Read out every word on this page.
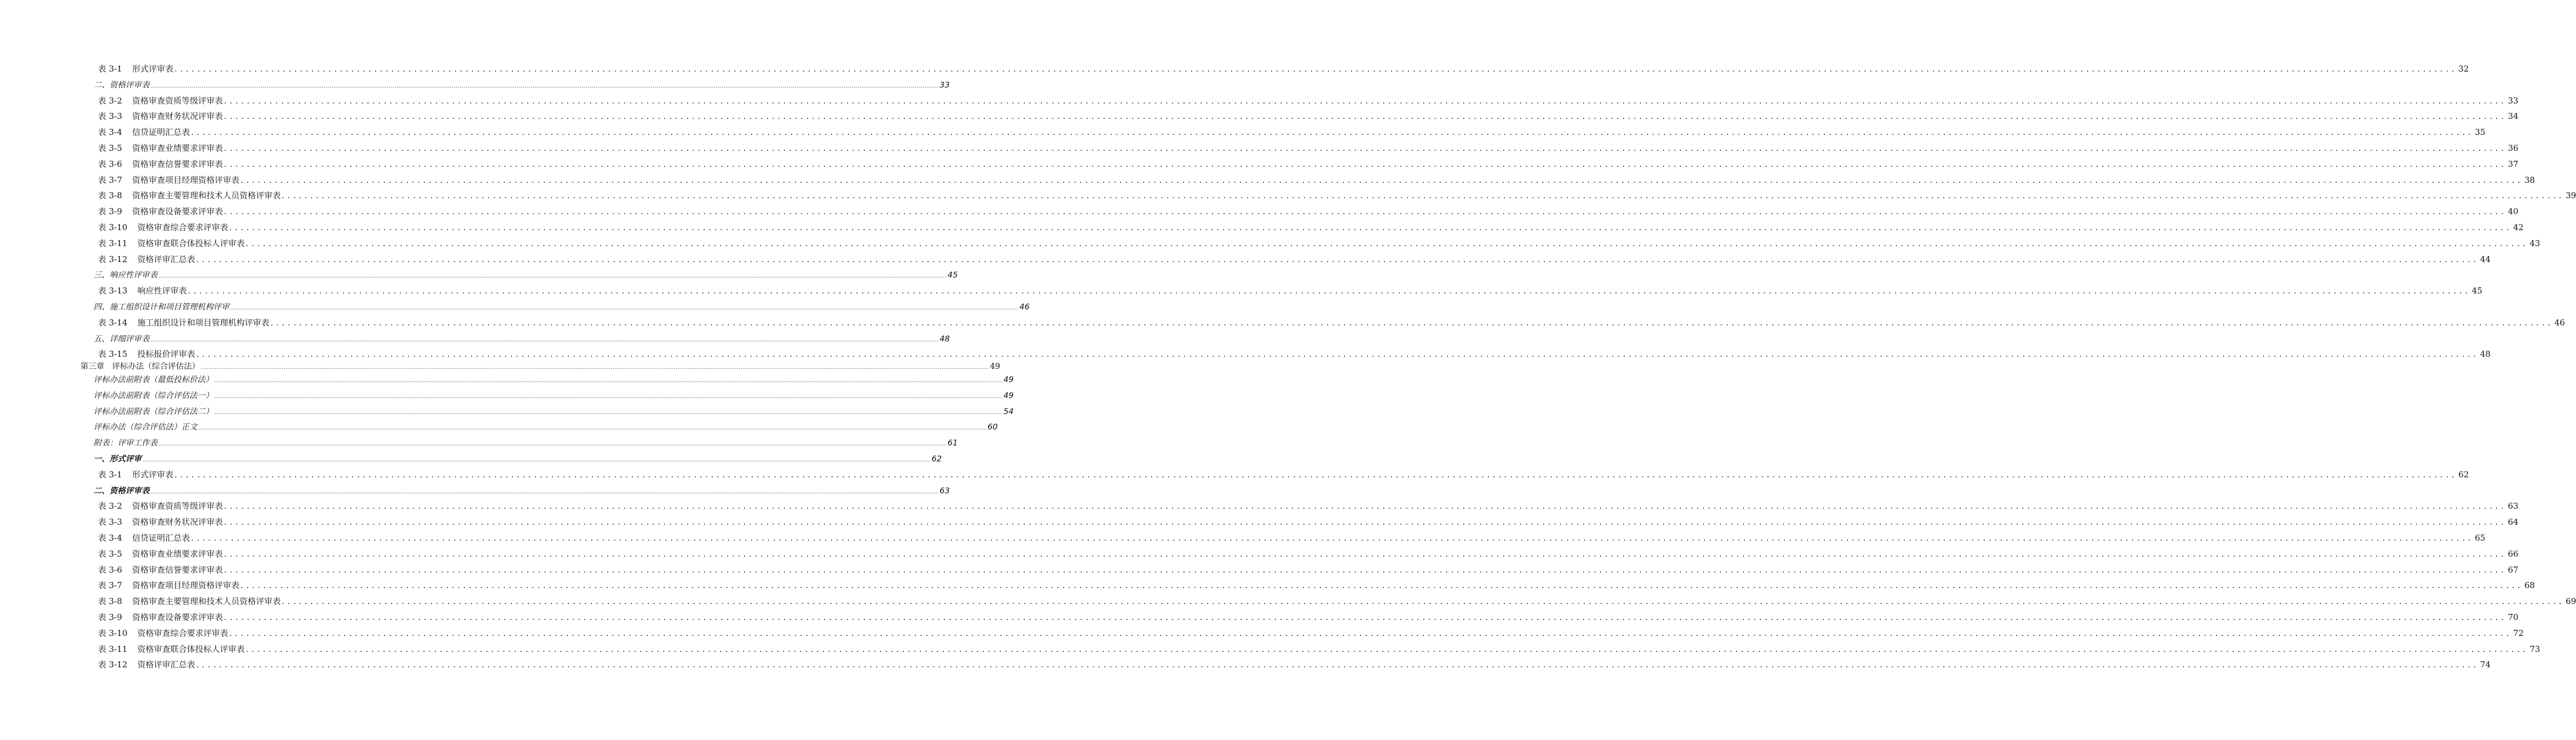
表 3-1 形式评审表 ................................................................................................................................................................................................................................................................................................................................................................................................................ 32
二、资格评审表 ................................................................................................................................................................................................................................................................................................................................................................................................................ 33
表 3-2 资格审查资质等级评审表 ................................................................................................................................................................................................................................................................................................................................................................................................................ 33
表 3-3 资格审查财务状况评审表 ................................................................................................................................................................................................................................................................................................................................................................................................................ 34
表 3-4 信贷证明汇总表 ................................................................................................................................................................................................................................................................................................................................................................................................................ 35
表 3-5 资格审查业绩要求评审表 ................................................................................................................................................................................................................................................................................................................................................................................................................ 36
表 3-6 资格审查信誉要求评审表 ................................................................................................................................................................................................................................................................................................................................................................................................................ 37
表 3-7 资格审查项目经理资格评审表 ................................................................................................................................................................................................................................................................................................................................................................................................................ 38
表 3-8 资格审查主要管理和技术人员资格评审表 ................................................................................................................................................................................................................................................................................................................................................................................................................ 39
表 3-9 资格审查设备要求评审表 ................................................................................................................................................................................................................................................................................................................................................................................................................ 40
表 3-10 资格审查综合要求评审表 ................................................................................................................................................................................................................................................................................................................................................................................................................ 42
表 3-11 资格审查联合体投标人评审表 ................................................................................................................................................................................................................................................................................................................................................................................................................ 43
表 3-12 资格评审汇总表 ................................................................................................................................................................................................................................................................................................................................................................................................................ 44
三、响应性评审表 ................................................................................................................................................................................................................................................................................................................................................................................................................ 45
表 3-13 响应性评审表 ................................................................................................................................................................................................................................................................................................................................................................................................................ 45
四、施工组织设计和项目管理机构评审 ................................................................................................................................................................................................................................................................................................................................................................................................................ 46
表 3-14 施工组织设计和项目管理机构评审表 ................................................................................................................................................................................................................................................................................................................................................................................................................ 46
五、详细评审表 ................................................................................................................................................................................................................................................................................................................................................................................................................ 48
表 3-15 投标报价评审表 ................................................................................................................................................................................................................................................................................................................................................................................................................ 48
第三章 评标办法（综合评估法） ................................................................................................................................................................................................................................................................................................................................................................................................................ 49
评标办法前附表（最低投标价法） ................................................................................................................................................................................................................................................................................................................................................................................................................ 49
评标办法前附表（综合评估法一） ................................................................................................................................................................................................................................................................................................................................................................................................................ 49
评标办法前附表（综合评估法二） ................................................................................................................................................................................................................................................................................................................................................................................................................ 54
评标办法（综合评估法）正文 ................................................................................................................................................................................................................................................................................................................................................................................................................ 60
附表：评审工作表 ................................................................................................................................................................................................................................................................................................................................................................................................................ 61
一、形式评审 ................................................................................................................................................................................................................................................................................................................................................................................................................ 62
表 3-1 形式评审表 ................................................................................................................................................................................................................................................................................................................................................................................................................ 62
二、资格评审表 ................................................................................................................................................................................................................................................................................................................................................................................................................ 63
表 3-2 资格审查资质等级评审表 ................................................................................................................................................................................................................................................................................................................................................................................................................ 63
表 3-3 资格审查财务状况评审表 ................................................................................................................................................................................................................................................................................................................................................................................................................ 64
表 3-4 信贷证明汇总表 ................................................................................................................................................................................................................................................................................................................................................................................................................ 65
表 3-5 资格审查业绩要求评审表 ................................................................................................................................................................................................................................................................................................................................................................................................................ 66
表 3-6 资格审查信誉要求评审表 ................................................................................................................................................................................................................................................................................................................................................................................................................ 67
表 3-7 资格审查项目经理资格评审表 ................................................................................................................................................................................................................................................................................................................................................................................................................ 68
表 3-8 资格审查主要管理和技术人员资格评审表 ................................................................................................................................................................................................................................................................................................................................................................................................................ 69
表 3-9 资格审查设备要求评审表 ................................................................................................................................................................................................................................................................................................................................................................................................................ 70
表 3-10 资格审查综合要求评审表 ................................................................................................................................................................................................................................................................................................................................................................................................................ 72
表 3-11 资格审查联合体投标人评审表 ................................................................................................................................................................................................................................................................................................................................................................................................................ 73
表 3-12 资格评审汇总表 ................................................................................................................................................................................................................................................................................................................................................................................................................ 74
